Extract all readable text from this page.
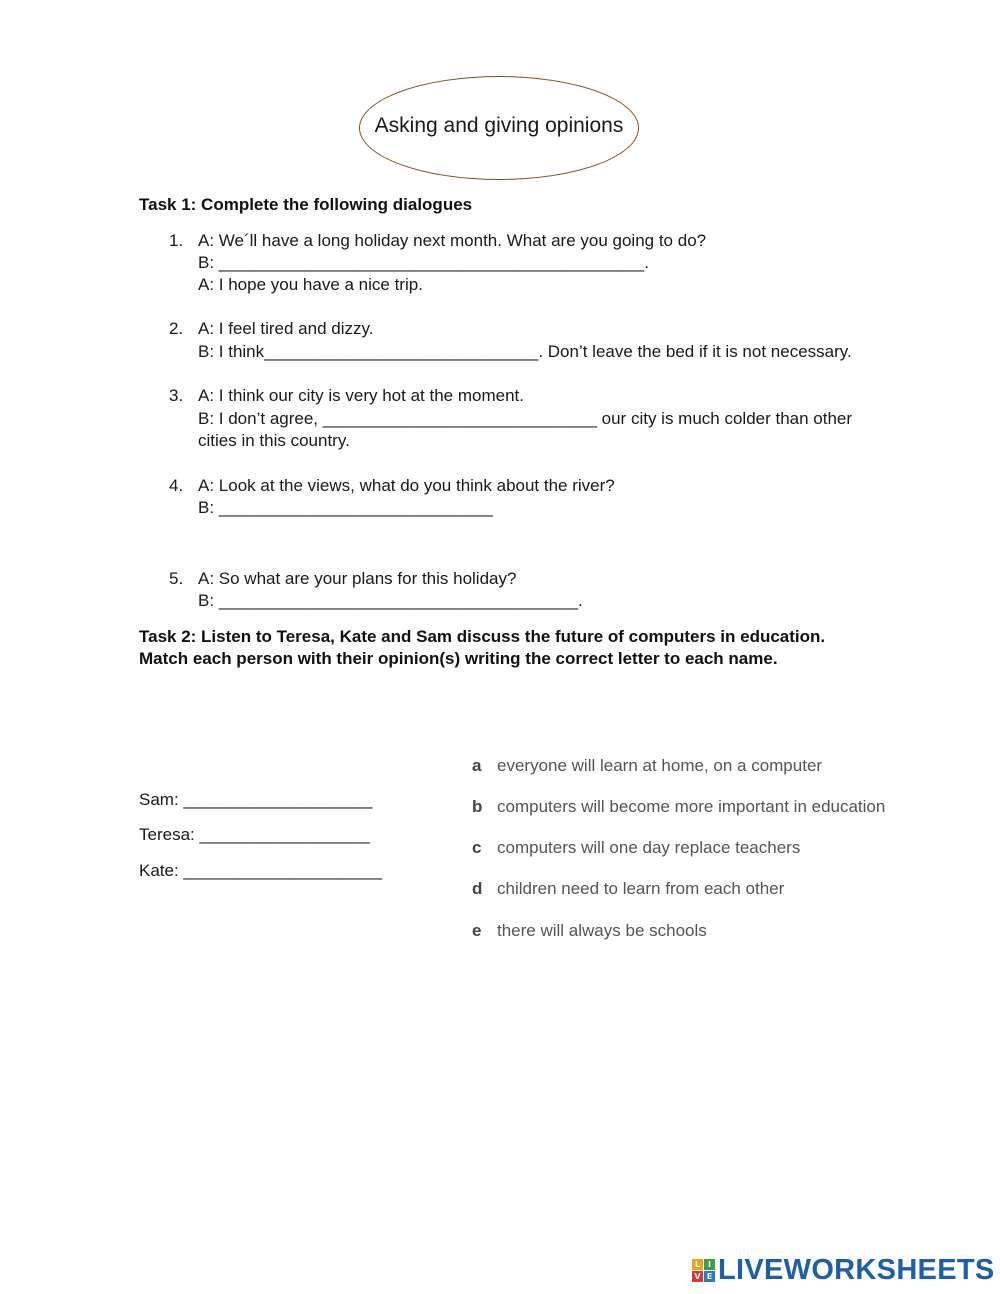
Asking and giving opinions
Task 1: Complete the following dialogues
1. A: We´ll have a long holiday next month. What are you going to do?
B: _____________________________________________.
A: I hope you have a nice trip.
2. A: I feel tired and dizzy.
B: I think_____________________________. Don’t leave the bed if it is not necessary.
3. A: I think our city is very hot at the moment.
B: I don’t agree, _____________________________ our city is much colder than other
cities in this country.
4. A: Look at the views, what do you think about the river?
B: _____________________________
5. A: So what are your plans for this holiday?
B: ______________________________________.
Task 2: Listen to Teresa, Kate and Sam discuss the future of computers in education.
Match each person with their opinion(s) writing the correct letter to each name.
Sam: ____________________
Teresa: __________________
Kate: _____________________
a everyone will learn at home, on a computer
b computers will become more important in education
c computers will one day replace teachers
d children need to learn from each other
e there will always be schools
L I
V E LIVEWORKSHEETS
